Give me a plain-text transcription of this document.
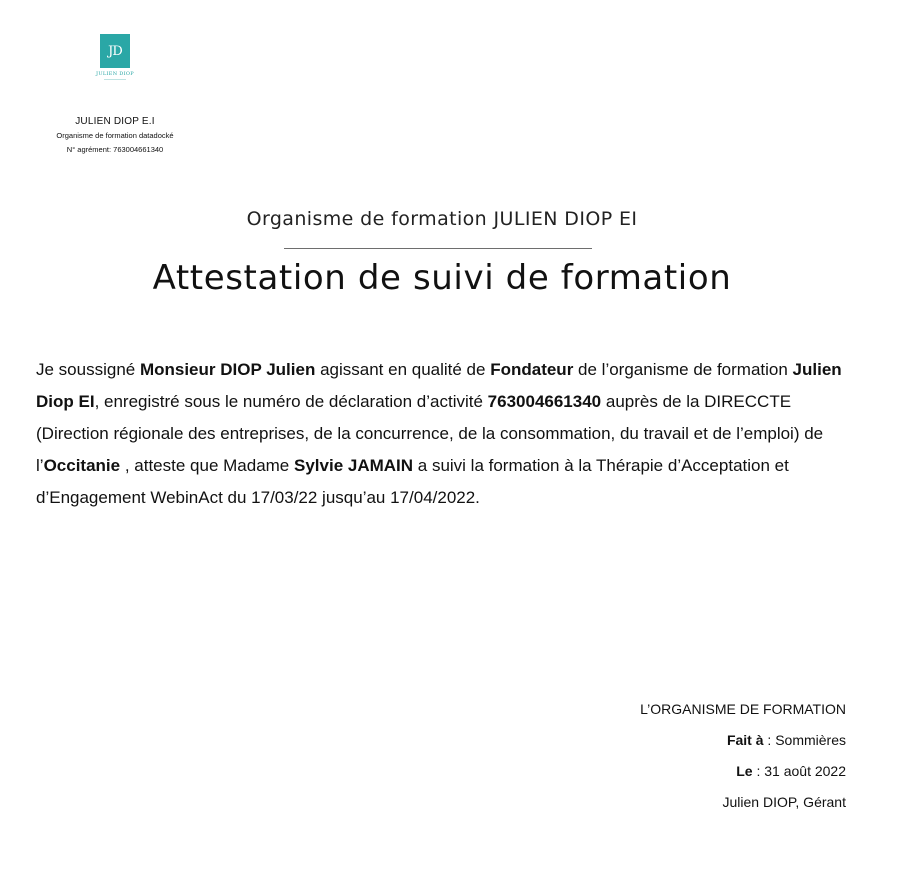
JD
JULIEN DIOP
JULIEN DIOP E.I
Organisme de formation datadocké
N° agrément: 763004661340
Organisme de formation JULIEN DIOP EI
Attestation de suivi de formation

Je soussigné Monsieur DIOP Julien agissant en qualité de Fondateur de l’organisme de formation Julien Diop EI, enregistré sous le numéro de déclaration d’activité 763004661340 auprès de la DIRECCTE (Direction régionale des entreprises, de la concurrence, de la consommation, du travail et de l’emploi) de l’Occitanie , atteste que Madame Sylvie JAMAIN a suivi la formation à la Thérapie d’Acceptation et d’Engagement WebinAct du 17/03/22 jusqu’au 17/04/2022.

L’ORGANISME DE FORMATION
Fait à : Sommières
Le : 31 août 2022
Julien DIOP, Gérant
